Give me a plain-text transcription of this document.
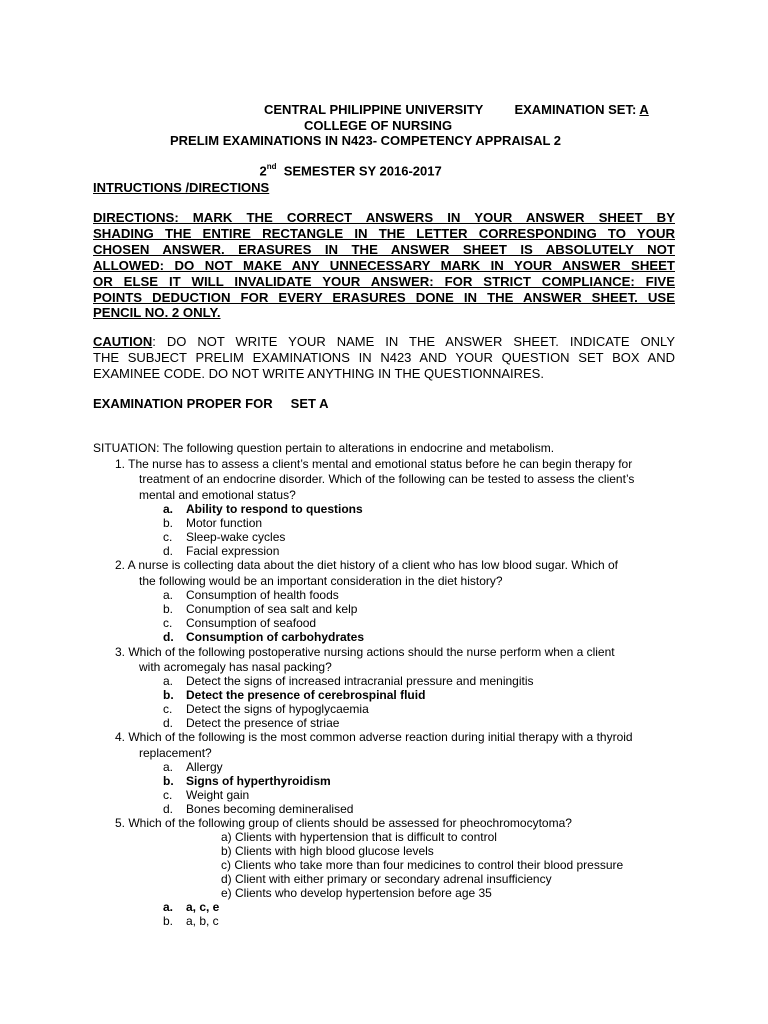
EXAMINATION SET: A

CENTRAL PHILIPPINE UNIVERSITY
COLLEGE OF NURSING
PRELIM EXAMINATIONS IN N423- COMPETENCY APPRAISAL 2

2nd  SEMESTER SY 2016-2017

INTRUCTIONS /DIRECTIONS
DIRECTIONS: MARK THE CORRECT ANSWERS IN YOUR ANSWER SHEET BY
SHADING THE ENTIRE RECTANGLE IN THE LETTER CORRESPONDING TO YOUR
CHOSEN ANSWER. ERASURES IN THE ANSWER SHEET IS ABSOLUTELY NOT
ALLOWED: DO NOT MAKE ANY UNNECESSARY MARK IN YOUR ANSWER SHEET
OR ELSE IT WILL INVALIDATE YOUR ANSWER: FOR STRICT COMPLIANCE: FIVE
POINTS DEDUCTION FOR EVERY ERASURES DONE IN THE ANSWER SHEET. USE
PENCIL NO. 2 ONLY.
CAUTION: DO NOT WRITE YOUR NAME IN THE ANSWER SHEET. INDICATE ONLY
THE SUBJECT PRELIM EXAMINATIONS IN N423 AND YOUR QUESTION SET BOX AND
EXAMINEE CODE. DO NOT WRITE ANYTHING IN THE QUESTIONNAIRES.
EXAMINATION PROPER FOR     SET A
SITUATION: The following question pertain to alterations in endocrine and metabolism.
1. The nurse has to assess a client’s mental and emotional status before he can begin therapy for
treatment of an endocrine disorder. Which of the following can be tested to assess the client’s
mental and emotional status?
a. Ability to respond to questions
b. Motor function
c. Sleep-wake cycles
d. Facial expression
2. A nurse is collecting data about the diet history of a client who has low blood sugar. Which of
the following would be an important consideration in the diet history?
a. Consumption of health foods
b. Conumption of sea salt and kelp
c. Consumption of seafood
d. Consumption of carbohydrates
3. Which of the following postoperative nursing actions should the nurse perform when a client
with acromegaly has nasal packing?
a. Detect the signs of increased intracranial pressure and meningitis
b. Detect the presence of cerebrospinal fluid
c. Detect the signs of hypoglycaemia
d. Detect the presence of striae
4. Which of the following is the most common adverse reaction during initial therapy with a thyroid
replacement?
a. Allergy
b. Signs of hyperthyroidism
c. Weight gain
d. Bones becoming demineralised
5. Which of the following group of clients should be assessed for pheochromocytoma?
a) Clients with hypertension that is difficult to control
b) Clients with high blood glucose levels
c) Clients who take more than four medicines to control their blood pressure
d) Client with either primary or secondary adrenal insufficiency
e) Clients who develop hypertension before age 35
a. a, c, e
b. a, b, c
